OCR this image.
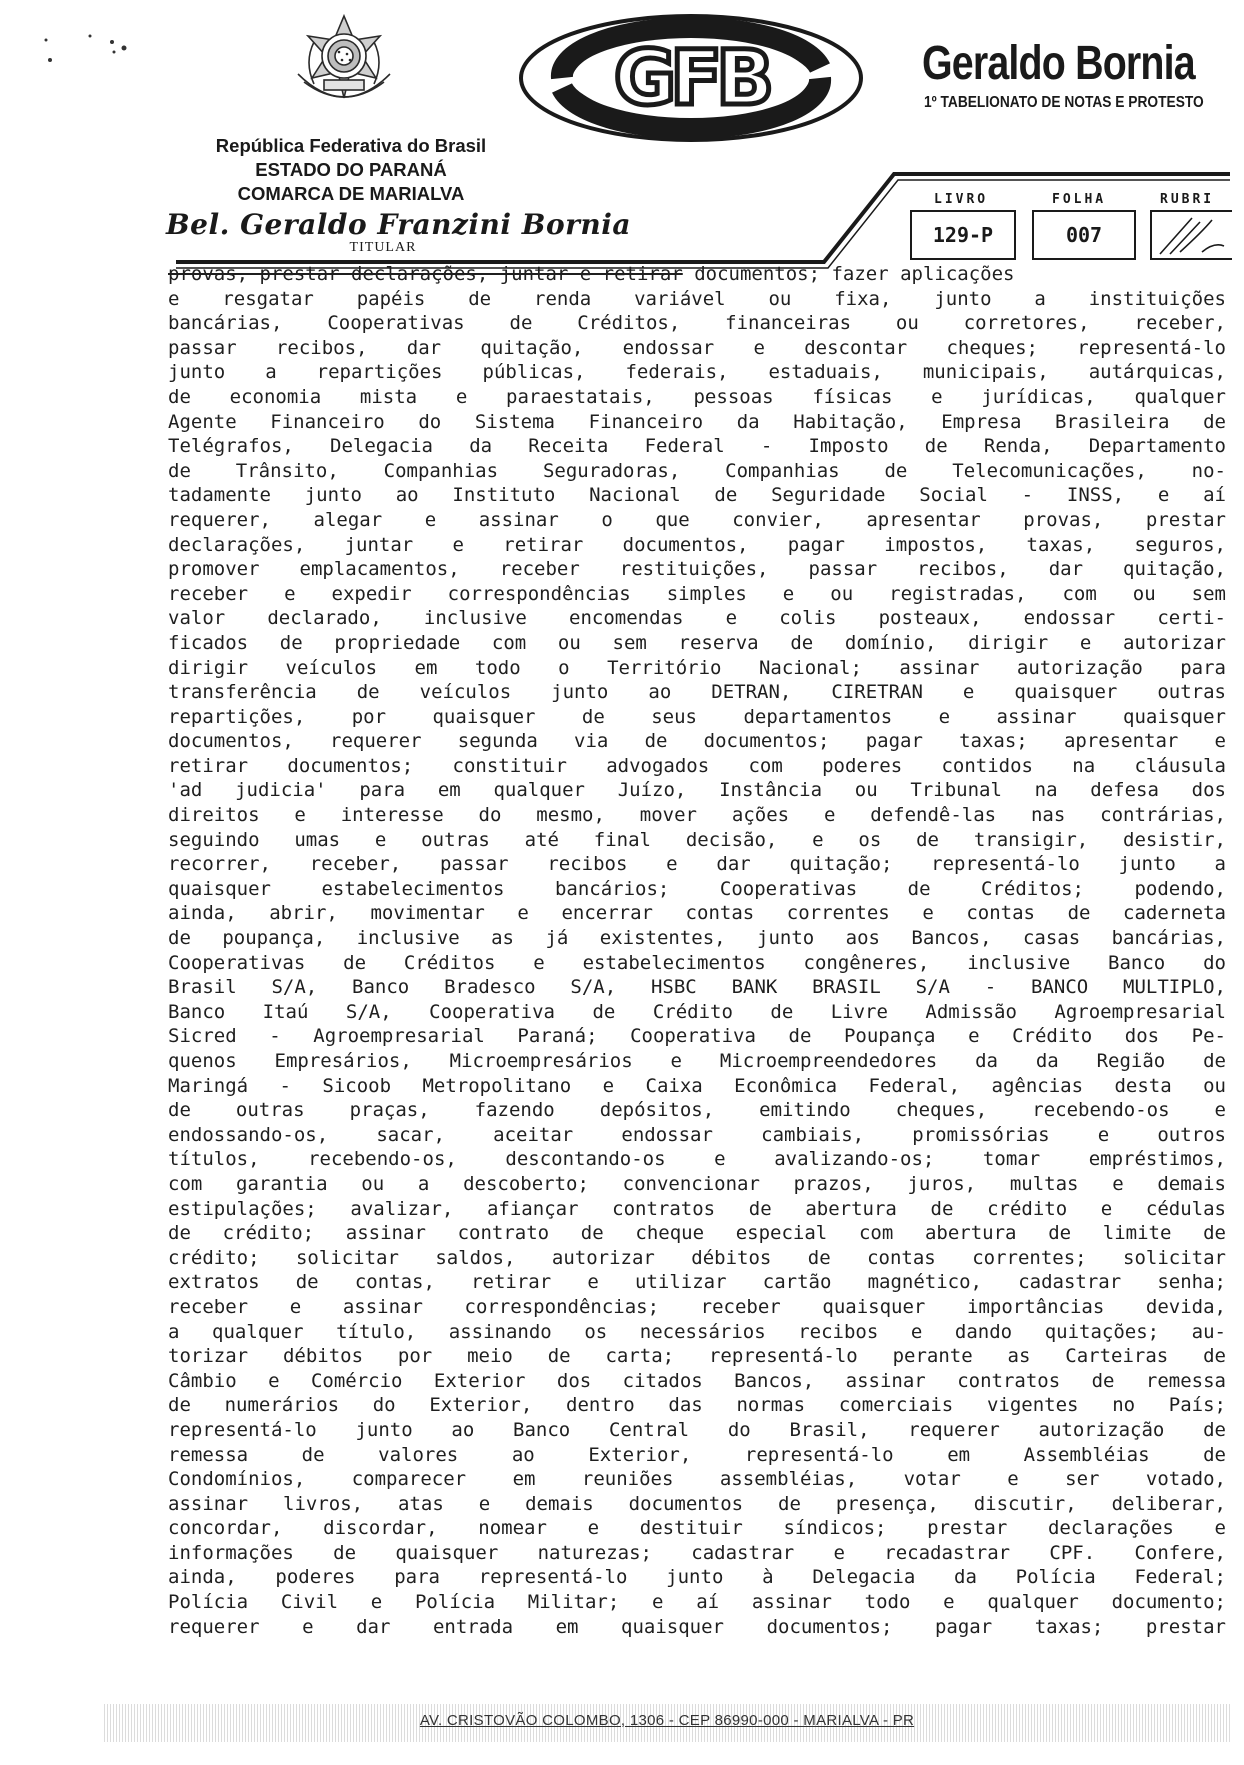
República Federativa do Brasil
ESTADO DO PARANÁ
COMARCA DE MARIALVA
Bel. Geraldo Franzini Bornia
TITULAR
GFB	Geraldo Bornia
1º TABELIONATO DE NOTAS E PROTESTO
LIVRO
129-P
FOLHA
007
RUBRI
provas, prestar declarações, juntar e retirar documentos; fazer aplicações
e resgatar papéis de renda variável ou fixa, junto a instituições
bancárias, Cooperativas de Créditos, financeiras ou corretores, receber,
passar recibos, dar quitação, endossar e descontar cheques; representá-lo
junto a repartições públicas, federais, estaduais, municipais, autárquicas,
de economia mista e paraestatais, pessoas físicas e jurídicas, qualquer
Agente Financeiro do Sistema Financeiro da Habitação, Empresa Brasileira de
Telégrafos, Delegacia da Receita Federal - Imposto de Renda, Departamento
de Trânsito, Companhias Seguradoras, Companhias de Telecomunicações, no-
tadamente junto ao Instituto Nacional de Seguridade Social - INSS, e aí
requerer, alegar e assinar o que convier, apresentar provas, prestar
declarações, juntar e retirar documentos, pagar impostos, taxas, seguros,
promover emplacamentos, receber restituições, passar recibos, dar quitação,
receber e expedir correspondências simples e ou registradas, com ou sem
valor declarado, inclusive encomendas e colis posteaux, endossar certi-
ficados de propriedade com ou sem reserva de domínio, dirigir e autorizar
dirigir veículos em todo o Território Nacional; assinar autorização para
transferência de veículos junto ao DETRAN, CIRETRAN e quaisquer outras
repartições, por quaisquer de seus departamentos e assinar quaisquer
documentos, requerer segunda via de documentos; pagar taxas; apresentar e
retirar documentos; constituir advogados com poderes contidos na cláusula
'ad judicia' para em qualquer Juízo, Instância ou Tribunal na defesa dos
direitos e interesse do mesmo, mover ações e defendê-las nas contrárias,
seguindo umas e outras até final decisão, e os de transigir, desistir,
recorrer, receber, passar recibos e dar quitação; representá-lo junto a
quaisquer estabelecimentos bancários; Cooperativas de Créditos; podendo,
ainda, abrir, movimentar e encerrar contas correntes e contas de caderneta
de poupança, inclusive as já existentes, junto aos Bancos, casas bancárias,
Cooperativas de Créditos e estabelecimentos congêneres, inclusive Banco do
Brasil S/A, Banco Bradesco S/A, HSBC BANK BRASIL S/A - BANCO MULTIPLO,
Banco Itaú S/A, Cooperativa de Crédito de Livre Admissão Agroempresarial
Sicred - Agroempresarial Paraná; Cooperativa de Poupança e Crédito dos Pe-
quenos Empresários, Microempresários e Microempreendedores da da Região de
Maringá - Sicoob Metropolitano e Caixa Econômica Federal, agências desta ou
de outras praças, fazendo depósitos, emitindo cheques, recebendo-os e
endossando-os, sacar, aceitar endossar cambiais, promissórias e outros
títulos, recebendo-os, descontando-os e avalizando-os; tomar empréstimos,
com garantia ou a descoberto; convencionar prazos, juros, multas e demais
estipulações; avalizar, afiançar contratos de abertura de crédito e cédulas
de crédito; assinar contrato de cheque especial com abertura de limite de
crédito; solicitar saldos, autorizar débitos de contas correntes; solicitar
extratos de contas, retirar e utilizar cartão magnético, cadastrar senha;
receber e assinar correspondências; receber quaisquer importâncias devida,
a qualquer título, assinando os necessários recibos e dando quitações; au-
torizar débitos por meio de carta; representá-lo perante as Carteiras de
Câmbio e Comércio Exterior dos citados Bancos, assinar contratos de remessa
de numerários do Exterior, dentro das normas comerciais vigentes no País;
representá-lo junto ao Banco Central do Brasil, requerer autorização de
remessa de valores ao Exterior, representá-lo em Assembléias de
Condomínios, comparecer em reuniões assembléias, votar e ser votado,
assinar livros, atas e demais documentos de presença, discutir, deliberar,
concordar, discordar, nomear e destituir síndicos; prestar declarações e
informações de quaisquer naturezas; cadastrar e recadastrar CPF. Confere,
ainda, poderes para representá-lo junto à Delegacia da Polícia Federal;
Polícia Civil e Polícia Militar; e aí assinar todo e qualquer documento;
requerer e dar entrada em quaisquer documentos; pagar taxas; prestar
AV. CRISTOVÃO COLOMBO, 1306 - CEP 86990-000 - MARIALVA - PR
